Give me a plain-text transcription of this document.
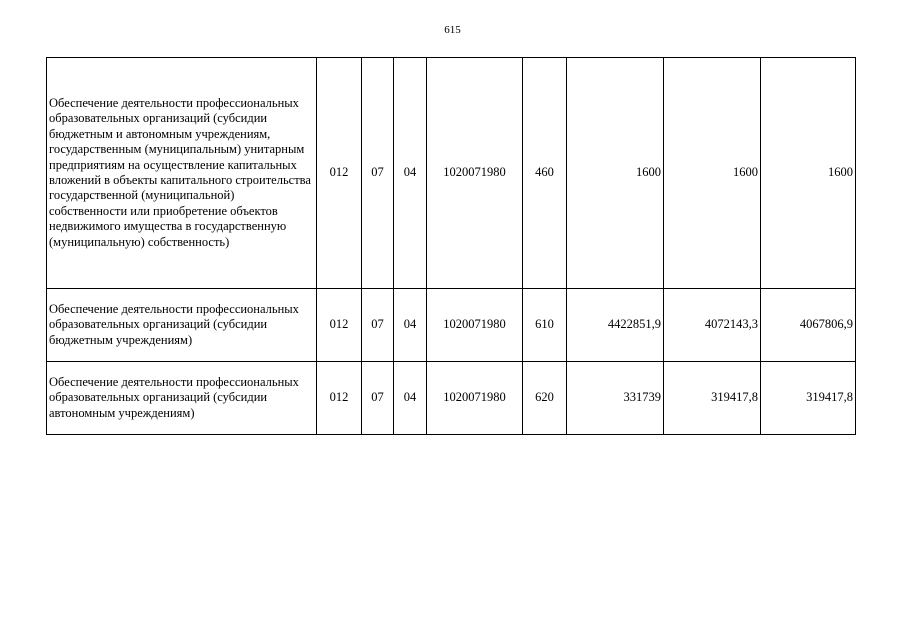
615
Обеспечение деятельности профессиональных образовательных организаций (субсидии бюджетным и автономным учреждениям, государственным (муниципальным) унитарным предприятиям на осуществление капитальных вложений в объекты капитального строительства государственной (муниципальной) собственности или приобретение объектов недвижимого имущества в государственную (муниципальную) собственность)	012	07	04	1020071980	460	1600	1600	1600
Обеспечение деятельности профессиональных образовательных организаций (субсидии бюджетным учреждениям)	012	07	04	1020071980	610	4422851,9	4072143,3	4067806,9
Обеспечение деятельности профессиональных образовательных организаций (субсидии автономным учреждениям)	012	07	04	1020071980	620	331739	319417,8	319417,8
